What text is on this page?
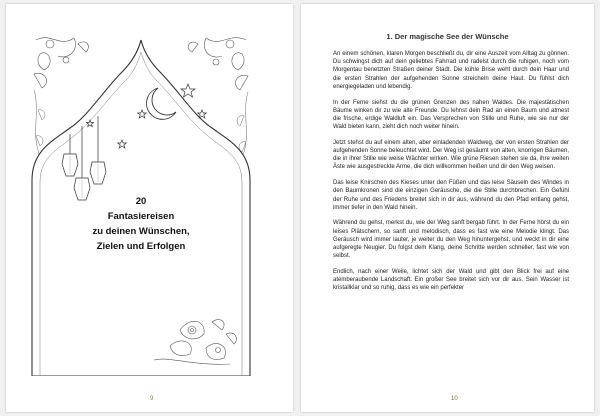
20
Fantasiereisen
zu deinen Wünschen,
Zielen und Erfolgen
9
1. Der magische See der Wünsche

An einem schönen, klaren Morgen beschließt du, dir eine Auszeit vom Alltag zu gönnen. Du schwingst dich auf dein geliebtes Fahrrad und radelst durch die ruhigen, noch vom Morgentau benetzten Straßen deiner Stadt. Die kühle Brise weht durch dein Haar und die ersten Strahlen der aufgehenden Sonne streicheln deine Haut. Du fühlst dich energiegeladen und lebendig.

In der Ferne siehst du die grünen Grenzen des nahen Waldes. Die majestätischen Bäume winken dir zu wie alte Freunde. Du lehnst dein Rad an einen Baum und atmest die frische, erdige Waldluft ein. Das Versprechen von Stille und Ruhe, wie sie nur der Wald bieten kann, zieht dich noch weiter hinein.

Jetzt stehst du auf einem alten, aber einladenden Waldweg, der von ersten Strahlen der aufgehenden Sonne beleuchtet wird. Der Weg ist gesäumt von alten, knorrigen Bäumen, die in ihrer Stille wie weise Wächter wirken. Wie grüne Riesen stehen sie da, ihre weiten Äste wie ausgestreckte Arme, die dich willkommen heißen und dir den Weg weisen.

Das leise Knirschen des Kieses unter den Füßen und das leise Säuseln des Windes in den Baumkronen sind die einzigen Geräusche, die die Stille durchbrechen. Ein Gefühl der Ruhe und des Friedens breitet sich in dir aus, während du den Pfad entlang gehst, immer tiefer in den Wald hinein.

Während du gehst, merkst du, wie der Weg sanft bergab führt. In der Ferne hörst du ein leises Plätschern, so sanft und melodisch, dass es fast wie eine Melodie klingt. Das Geräusch wird immer lauter, je weiter du den Weg hinuntergehst, und weckt in dir eine aufgeregte Neugier. Du folgst dem Klang, deine Schritte werden schneller, fast wie von selbst.

Endlich, nach einer Weile, lichtet sich der Wald und gibt den Blick frei auf eine atemberaubende Landschaft. Ein großer See breitet sich vor dir aus. Sein Wasser ist kristallklar und so ruhig, dass es wie ein perfekter

10
